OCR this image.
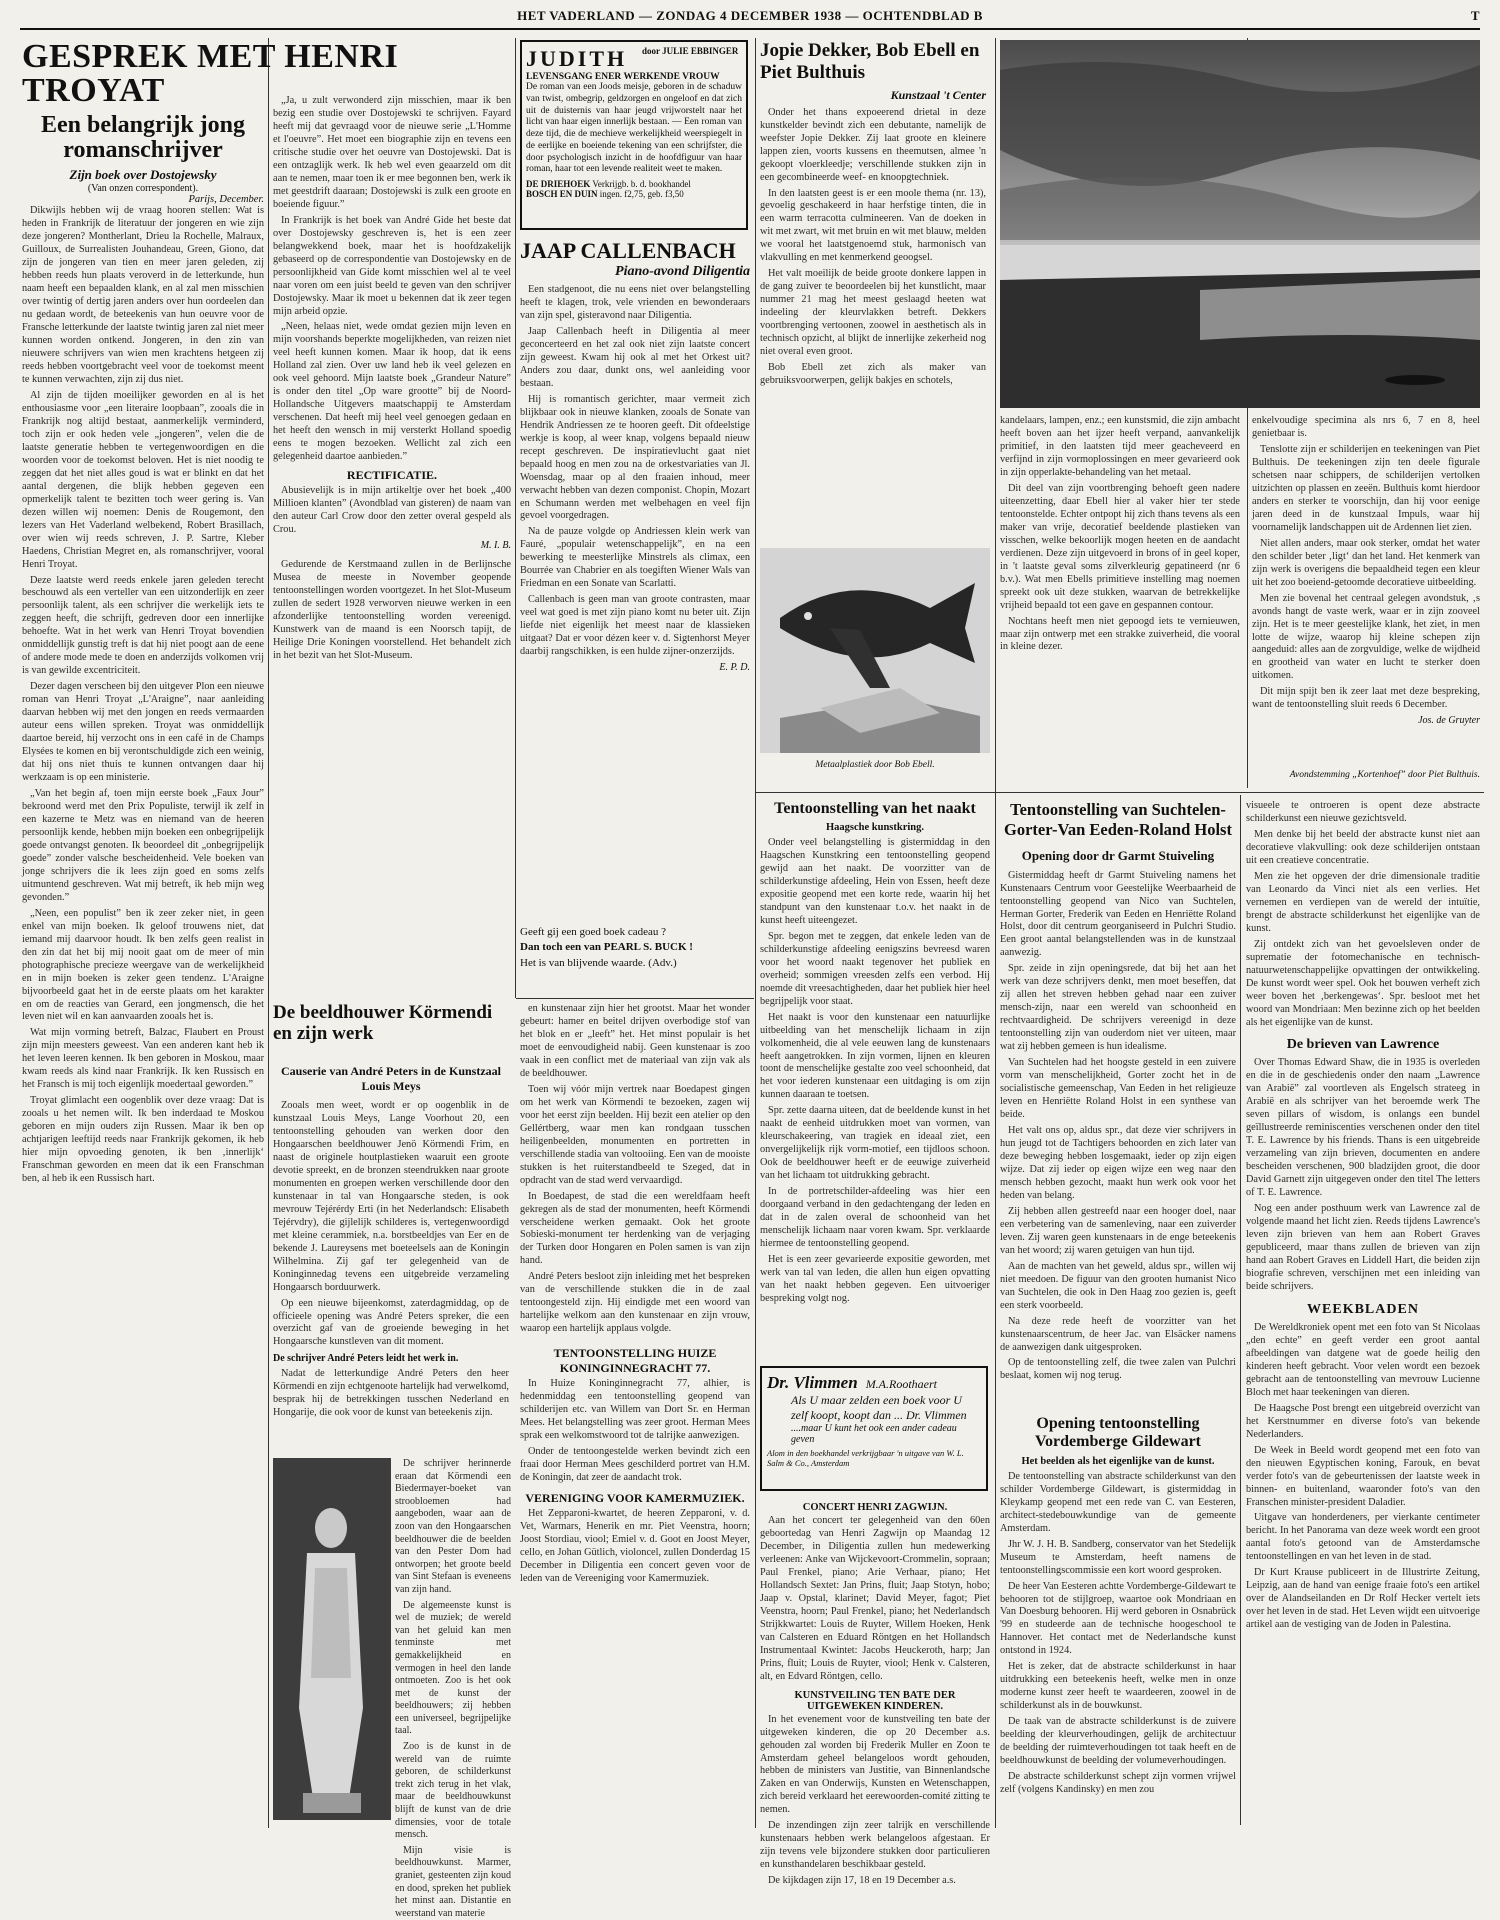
HET VADERLAND — ZONDAG 4 DECEMBER 1938 — OCHTENDBLAD B	T
GESPREK MET HENRI TROYAT
Een belangrijk jong romanschrijver
Zijn boek over Dostojewsky
(Van onzen correspondent).
Parijs, December.

Dikwijls hebben wij de vraag hooren stellen: Wat is heden in Frankrijk de literatuur der jongeren en wie zijn deze jongeren? Montherlant, Drieu la Rochelle, Malraux, Guilloux, de Surrealisten Jouhandeau, Green, Giono, dat zijn de jongeren van tien en meer jaren geleden, zij hebben reeds hun plaats veroverd in de letterkunde, hun naam heeft een bepaalden klank, en al zal men misschien over twintig of dertig jaren anders over hun oordeelen dan nu gedaan wordt, de beteekenis van hun oeuvre voor de Fransche letterkunde der laatste twintig jaren zal niet meer kunnen worden ontkend. Jongeren, in den zin van nieuwere schrijvers van wien men krachtens hetgeen zij reeds hebben voortgebracht veel voor de toekomst meent te kunnen verwachten, zijn zij dus niet.

Al zijn de tijden moeilijker geworden en al is het enthousiasme voor „een literaire loopbaan”, zooals die in Frankrijk nog altijd bestaat, aanmerkelijk verminderd, toch zijn er ook heden vele „jongeren”, velen die de laatste generatie hebben te vertegenwoordigen en die woorden voor de toekomst beloven. Het is niet noodig te zeggen dat het niet alles goud is wat er blinkt en dat het aantal dergenen, die blijk hebben gegeven een opmerkelijk talent te bezitten toch weer gering is. Van dezen willen wij noemen: Denis de Rougemont, den lezers van Het Vaderland welbekend, Robert Brasillach, over wien wij reeds schreven, J. P. Sartre, Kleber Haedens, Christian Megret en, als romanschrijver, vooral Henri Troyat.

Deze laatste werd reeds enkele jaren geleden terecht beschouwd als een verteller van een uitzonderlijk en zeer persoonlijk talent, als een schrijver die werkelijk iets te zeggen heeft, die schrijft, gedreven door een innerlijke behoefte. Wat in het werk van Henri Troyat bovendien onmiddellijk gunstig treft is dat hij niet poogt aan de eene of andere mode mede te doen en anderzijds volkomen vrij is van gewilde excentriciteit.

Dezer dagen verscheen bij den uitgever Plon een nieuwe roman van Henri Troyat „L'Araigne”, naar aanleiding daarvan hebben wij met den jongen en reeds vermaarden auteur eens willen spreken. Troyat was onmiddellijk daartoe bereid, hij verzocht ons in een café in de Champs Elysées te komen en bij verontschuldigde zich een weinig, dat hij ons niet thuis te kunnen ontvangen daar hij werkzaam is op een ministerie.

„Van het begin af, toen mijn eerste boek „Faux Jour” bekroond werd met den Prix Populiste, terwijl ik zelf in een kazerne te Metz was en niemand van de heeren persoonlijk kende, hebben mijn boeken een onbegrijpelijk goede ontvangst genoten. Ik beoordeel dit „onbegrijpelijk goede” zonder valsche bescheidenheid. Vele boeken van jonge schrijvers die ik lees zijn goed en soms zelfs uitmuntend geschreven. Wat mij betreft, ik heb mijn weg gevonden.”

„Neen, een populist” ben ik zeer zeker niet, in geen enkel van mijn boeken. Ik geloof trouwens niet, dat iemand mij daarvoor houdt. Ik ben zelfs geen realist in den zin dat het bij mij nooit gaat om de meer of min photographische precieze weergave van de werkelijkheid en in mijn boeken is zeker geen tendenz. L'Araigne bijvoorbeeld gaat het in de eerste plaats om het karakter en om de reacties van Gerard, een jongmensch, die het leven niet wil en kan aanvaarden zooals het is.

Wat mijn vorming betreft, Balzac, Flaubert en Proust zijn mijn meesters geweest. Van een anderen kant heb ik het leven leeren kennen. Ik ben geboren in Moskou, maar kwam reeds als kind naar Frankrijk. Ik ken Russisch en het Fransch is mij toch eigenlijk moedertaal geworden.”

Troyat glimlacht een oogenblik over deze vraag: Dat is zooals u het nemen wilt. Ik ben inderdaad te Moskou geboren en mijn ouders zijn Russen. Maar ik ben op achtjarigen leeftijd reeds naar Frankrijk gekomen, ik heb hier mijn opvoeding genoten, ik ben ‚innerlijk‘ Franschman geworden en meen dat ik een Franschman ben, al heb ik een Russisch hart.

„Ja, u zult verwonderd zijn misschien, maar ik ben bezig een studie over Dostojewski te schrijven. Fayard heeft mij dat gevraagd voor de nieuwe serie „L'Homme et l'oeuvre”. Het moet een biographie zijn en tevens een critische studie over het oeuvre van Dostojewski. Dat is een ontzaglijk werk. Ik heb wel even geaarzeld om dit aan te nemen, maar toen ik er mee begonnen ben, werk ik met geestdrift daaraan; Dostojewski is zulk een groote en boeiende figuur.”

In Frankrijk is het boek van André Gide het beste dat over Dostojewsky geschreven is, het is een zeer belangwekkend boek, maar het is hoofdzakelijk gebaseerd op de correspondentie van Dostojewsky en de persoonlijkheid van Gide komt misschien wel al te veel naar voren om een juist beeld te geven van den schrijver Dostojewsky. Maar ik moet u bekennen dat ik zeer tegen mijn arbeid opzie.

„Neen, helaas niet, wede omdat gezien mijn leven en mijn voorshands beperkte mogelijkheden, van reizen niet veel heeft kunnen komen. Maar ik hoop, dat ik eens Holland zal zien. Over uw land heb ik veel gelezen en ook veel gehoord. Mijn laatste boek „Grandeur Nature” is onder den titel „Op ware grootte” bij de Noord-Hollandsche Uitgevers maatschappij te Amsterdam verschenen. Dat heeft mij heel veel genoegen gedaan en het heeft den wensch in mij versterkt Holland spoedig eens te mogen bezoeken. Wellicht zal zich een gelegenheid daartoe aanbieden.”

RECTIFICATIE.

Abusievelijk is in mijn artikeltje over het boek „400 Millioen klanten” (Avondblad van gisteren) de naam van den auteur Carl Crow door den zetter overal gespeld als Crou.

M. I. B.

Gedurende de Kerstmaand zullen in de Berlijnsche Musea de meeste in November geopende tentoonstellingen worden voortgezet. In het Slot-Museum zullen de sedert 1928 verworven nieuwe werken in een afzonderlijke tentoonstelling worden vereenigd. Kunstwerk van de maand is een Noorsch tapijt, de Heilige Drie Koningen voorstellend. Het behandelt zich in het bezit van het Slot-Museum.

JUDITH door JULIE EBBINGER
LEVENSGANG ENER WERKENDE VROUW

De roman van een Joods meisje, geboren in de schaduw van twist, ombegrip, geldzorgen en ongeloof en dat zich uit de duisternis van haar jeugd vrijworstelt naar het licht van haar eigen innerlijk bestaan. — Een roman van deze tijd, die de mechieve werkelijkheid weerspiegelt in de eerlijke en boeiende tekening van een schrijfster, die door psychologisch inzicht in de hoofdfiguur van haar roman, haar tot een levende realiteit weet te maken.

DE DRIEHOEK Verkrijgb. b. d. bookhandel
BOSCH EN DUIN ingen. f2,75, geb. f3,50
JAAP CALLENBACH
Piano-avond Diligentia

Een stadgenoot, die nu eens niet over belangstelling heeft te klagen, trok, vele vrienden en bewonderaars van zijn spel, gisteravond naar Diligentia.

Jaap Callenbach heeft in Diligentia al meer geconcerteerd en het zal ook niet zijn laatste concert zijn geweest. Kwam hij ook al met het Orkest uit? Anders zou daar, dunkt ons, wel aanleiding voor bestaan.

Hij is romantisch gerichter, maar vermeit zich blijkbaar ook in nieuwe klanken, zooals de Sonate van Hendrik Andriessen ze te hooren geeft. Dit ofdeelstige werkje is koop, al weer knap, volgens bepaald nieuw recept geschreven. De inspiratievlucht gaat niet bepaald hoog en men zou na de orkestvariaties van Jl. Woensdag, maar op al den fraaien inhoud, meer verwacht hebben van dezen componist. Chopin, Mozart en Schumann werden met welbehagen en veel fijn gevoel voorgedragen.

Na de pauze volgde op Andriessen klein werk van Fauré, „populair wetenschappelijk”, en na een bewerking te meesterlijke Minstrels als climax, een Bourrée van Chabrier en als toegiften Wiener Wals van Friedman en een Sonate van Scarlatti.

Callenbach is geen man van groote contrasten, maar veel wat goed is met zijn piano komt nu beter uit. Zijn liefde niet eigenlijk het meest naar de klassieken uitgaat? Dat er voor dézen keer v. d. Sigtenhorst Meyer daarbij rangschikken, is een hulde zijner-onzerzijds.

E. P. D.

Geeft gij een goed boek cadeau ?
Dan toch een van PEARL S. BUCK !
Het is van blijvende waarde. (Adv.)
De beeldhouwer Körmendi en zijn werk
Causerie van André Peters in de Kunstzaal Louis Meys

Zooals men weet, wordt er op oogenblik in de kunstzaal Louis Meys, Lange Voorhout 20, een tentoonstelling gehouden van werken door den Hongaarschen beeldhouwer Jenö Körmendi Frim, en naast de originele houtplastieken waaruit een groote devotie spreekt, en de bronzen steendrukken naar groote monumenten en groepen werken verschillende door den kunstenaar in tal van Hongaarsche steden, is ook mevrouw Tejérérdy Erti (in het Nederlandsch: Elisabeth Tejérvdry), die gijlelijk schilderes is, vertegenwoordigd met kleine cerammiek, n.a. borstbeeldjes van Eer en de bekende J. Laureysens met boeteelsels aan de Koningin Wilhelmina. Zij gaf ter gelegenheid van de Koninginnedag tevens een uitgebreide verzameling Hongaarsch borduurwerk.

Op een nieuwe bijeenkomst, zaterdagmiddag, op de officieele opening was André Peters spreker, die een overzicht gaf van de groeiende beweging in het Hongaarsche kunstleven van dit moment.

De schrijver André Peters leidt het werk in.

Nadat de letterkundige André Peters den heer Körmendi en zijn echtgenoote hartelijk had verwelkomd, besprak hij de betrekkingen tusschen Nederland en Hongarije, die ook voor de kunst van beteekenis zijn.

De schrijver herinnerde eraan dat Körmendi een Biedermayer-boeket van stroobloemen had aangeboden, waar aan de zoon van den Hongaarschen beeldhouwer die de beelden van den Pester Dom had ontworpen; het groote beeld van Sint Stefaan is eveneens van zijn hand.

De algemeenste kunst is wel de muziek; de wereld van het geluid kan men tenminste met gemakkelijkheid en vermogen in heel den lande ontmoeten. Zoo is het ook met de kunst der beeldhouwers; zij hebben een universeel, begrijpelijke taal.

Zoo is de kunst in de wereld van de ruimte geboren, de schilderkunst trekt zich terug in het vlak, maar de beeldhouwkunst blijft de kunst van de drie dimensies, voor de totale mensch.

Mijn visie is beeldhouwkunst. Marmer, graniet, gesteenten zijn koud en dood, spreken het publiek het minst aan. Distantie en weerstand van materie

en kunstenaar zijn hier het grootst. Maar het wonder gebeurt: hamer en beitel drijven overbodige stof van het blok en er „leeft” het. Het minst populair is het moet de eenvoudigheid nabij. Geen kunstenaar is zoo vaak in een conflict met de materiaal van zijn vak als de beeldhouwer.

Toen wij vóór mijn vertrek naar Boedapest gingen om het werk van Körmendi te bezoeken, zagen wij voor het eerst zijn beelden. Hij bezit een atelier op den Gellértberg, waar men kan rondgaan tusschen heiligenbeelden, monumenten en portretten in verschillende stadia van voltooiing. Een van de mooiste stukken is het ruiterstandbeeld te Szeged, dat in opdracht van de stad werd vervaardigd.

In Boedapest, de stad die een wereldfaam heeft gekregen als de stad der monumenten, heeft Körmendi verscheidene werken gemaakt. Ook het groote Sobieski-monument ter herdenking van de verjaging der Turken door Hongaren en Polen samen is van zijn hand.

André Peters besloot zijn inleiding met het bespreken van de verschillende stukken die in de zaal tentoongesteld zijn. Hij eindigde met een woord van hartelijke welkom aan den kunstenaar en zijn vrouw, waarop een hartelijk applaus volgde.

TENTOONSTELLING HUIZE KONINGINNEGRACHT 77.

In Huize Koninginnegracht 77, alhier, is hedenmiddag een tentoonstelling geopend van schilderijen etc. van Willem van Dort Sr. en Herman Mees. Het belangstelling was zeer groot. Herman Mees sprak een welkomstwoord tot de talrijke aanwezigen.

Onder de tentoongestelde werken bevindt zich een fraai door Herman Mees geschilderd portret van H.M. de Koningin, dat zeer de aandacht trok.

VERENIGING VOOR KAMERMUZIEK.

Het Zepparoni-kwartet, de heeren Zepparoni, v. d. Vet, Warmars, Henerik en mr. Piet Veenstra, hoorn; Joost Stordiau, viool; Emiel v. d. Goot en Joost Meyer, cello, en Johan Gütlich, violoncel, zullen Donderdag 15 December in Diligentia een concert geven voor de leden van de Vereeniging voor Kamermuziek.

Jopie Dekker, Bob Ebell en Piet Bulthuis
Kunstzaal 't Center

Onder het thans expoeerend drietal in deze kunstkelder bevindt zich een debutante, namelijk de weefster Jopie Dekker. Zij laat groote en kleinere lappen zien, voorts kussens en theemutsen, almee 'n gekoopt vloerkleedje; verschillende stukken zijn in een gecombineerde weef- en knoopgtechniek.

In den laatsten geest is er een moole thema (nr. 13), gevoelig geschakeerd in haar herfstige tinten, die in een warm terracotta culmineeren. Van de doeken in wit met zwart, wit met bruin en wit met blauw, melden we vooral het laatstgenoemd stuk, harmonisch van vlakvulling en met kenmerkend geoogsel.

Het valt moeilijk de beide groote donkere lappen in de gang zuiver te beoordeelen bij het kunstlicht, maar nummer 21 mag het meest geslaagd heeten wat indeeling der kleurvlakken betreft. Dekkers voortbrenging vertoonen, zoowel in aesthetisch als in technisch opzicht, al blijkt de innerlijke zekerheid nog niet overal even groot.

Bob Ebell zet zich als maker van gebruiksvoorwerpen, gelijk bakjes en schotels,

Avondstemming „Kortenhoef” door Piet Bulthuis.
Metaalplastiek door Bob Ebell.

kandelaars, lampen, enz.; een kunstsmid, die zijn ambacht heeft boven aan het ijzer heeft verpand, aanvankelijk primitief, in den laatsten tijd meer geacheveerd en verfijnd in zijn vormoplossingen en meer gevarieerd ook in zijn opperlakte-behandeling van het metaal.

Dit deel van zijn voortbrenging behoeft geen nadere uiteenzetting, daar Ebell hier al vaker hier ter stede tentoonstelde. Echter ontpopt hij zich thans tevens als een maker van vrije, decoratief beeldende plastieken van visschen, welke bekoorlijk mogen heeten en de aandacht verdienen. Deze zijn uitgevoerd in brons of in geel koper, in 't laatste geval soms zilverkleurig gepatineerd (nr 6 b.v.). Wat men Ebells primitieve instelling mag noemen spreekt ook uit deze stukken, waarvan de betrekkelijke vrijheid bepaald tot een gave en gespannen contour.

Nochtans heeft men niet gepoogd iets te vernieuwen, maar zijn ontwerp met een strakke zuiverheid, die vooral in kleine dezer.

enkelvoudige specimina als nrs 6, 7 en 8, heel genietbaar is.

Tenslotte zijn er schilderijen en teekeningen van Piet Bulthuis. De teekeningen zijn ten deele figurale schetsen naar schippers, de schilderijen vertolken uitzichten op plassen en zeeën. Bulthuis komt hierdoor anders en sterker te voorschijn, dan hij voor eenige jaren deed in de kunstzaal Impuls, waar hij voornamelijk landschappen uit de Ardennen liet zien.

Niet allen anders, maar ook sterker, omdat het water den schilder beter ‚ligt‘ dan het land. Het kenmerk van zijn werk is overigens die bepaaldheid tegen een kleur uit het zoo boeiend-getoomde decoratieve uitbeelding.

Men zie bovenal het centraal gelegen avondstuk, ‚s avonds hangt de vaste werk, waar er in zijn zooveel zijn. Het is te meer geestelijke klank, het ziet, in men lotte de wijze, waarop hij kleine schepen zijn aangeduid: alles aan de zorgvuldige, welke de wijdheid en grootheid van water en lucht te sterker doen uitkomen.

Dit mijn spijt ben ik zeer laat met deze bespreking, want de tentoonstelling sluit reeds 6 December.

Jos. de Gruyter

Tentoonstelling van het naakt
Haagsche kunstkring.

Onder veel belangstelling is gistermiddag in den Haagschen Kunstkring een tentoonstelling geopend gewijd aan het naakt. De voorzitter van de schilderkunstige afdeeling, Hein von Essen, heeft deze expositie geopend met een korte rede, waarin hij het standpunt van den kunstenaar t.o.v. het naakt in de kunst heeft uiteengezet.

Spr. begon met te zeggen, dat enkele leden van de schilderkunstige afdeeling eenigszins bevreesd waren voor het woord naakt tegenover het publiek en overheid; sommigen vreesden zelfs een verbod. Hij noemde dit vreesachtigheden, daar het publiek hier heel begrijpelijk voor staat.

Het naakt is voor den kunstenaar een natuurlijke uitbeelding van het menschelijk lichaam in zijn volkomenheid, die al vele eeuwen lang de kunstenaars heeft aangetrokken. In zijn vormen, lijnen en kleuren toont de menschelijke gestalte zoo veel schoonheid, dat het voor iederen kunstenaar een uitdaging is om zijn kunnen daaraan te toetsen.

Spr. zette daarna uiteen, dat de beeldende kunst in het naakt de eenheid uitdrukken moet van vormen, van kleurschakeering, van tragiek en ideaal ziet, een onvergelijkelijk rijk vorm-motief, een tijdloos schoon. Ook de beeldhouwer heeft er de eeuwige zuiverheid van het lichaam tot uitdrukking gebracht.

In de portretschilder-afdeeling was hier een doorgaand verband in den gedachtengang der leden en dat in de zalen overal de schoonheid van het menschelijk lichaam naar voren kwam. Spr. verklaarde hiermee de tentoonstelling geopend.

Het is een zeer gevarieerde expositie geworden, met werk van tal van leden, die allen hun eigen opvatting van het naakt hebben gegeven. Een uitvoeriger bespreking volgt nog.

Dr. Vlimmen M.A.Roothaert
Als U maar zelden een boek voor U zelf koopt, koopt dan ... Dr. Vlimmen
....maar U kunt het ook een ander cadeau geven
Alom in den boekhandel verkrijgbaar 'n uitgave van W. L. Salm & Co., Amsterdam
CONCERT HENRI ZAGWIJN.

Aan het concert ter gelegenheid van den 60en geboortedag van Henri Zagwijn op Maandag 12 December, in Diligentia zullen hun medewerking verleenen: Anke van Wijckevoort-Crommelin, sopraan; Paul Frenkel, piano; Arie Verhaar, piano; Het Hollandsch Sextet: Jan Prins, fluit; Jaap Stotyn, hobo; Jaap v. Opstal, klarinet; David Meyer, fagot; Piet Veenstra, hoorn; Paul Frenkel, piano; het Nederlandsch Strijkkwartet: Louis de Ruyter, Willem Hoeken, Henk van Calsteren en Eduard Röntgen en het Hollandsch Instrumentaal Kwintet: Jacobs Heuckeroth, harp; Jan Prins, fluit; Louis de Ruyter, viool; Henk v. Calsteren, alt, en Edvard Röntgen, cello.

KUNSTVEILING TEN BATE DER UITGEWEKEN KINDEREN.

In het evenement voor de kunstveiling ten bate der uitgeweken kinderen, die op 20 December a.s. gehouden zal worden bij Frederik Muller en Zoon te Amsterdam geheel belangeloos wordt gehouden, hebben de ministers van Justitie, van Binnenlandsche Zaken en van Onderwijs, Kunsten en Wetenschappen, zich bereid verklaard het eerewoorden-comité zitting te nemen.

De inzendingen zijn zeer talrijk en verschillende kunstenaars hebben werk belangeloos afgestaan. Er zijn tevens vele bijzondere stukken door particulieren en kunsthandelaren beschikbaar gesteld.

De kijkdagen zijn 17, 18 en 19 December a.s.

Tentoonstelling van Suchtelen-Gorter-Van Eeden-Roland Holst
Opening door dr Garmt Stuiveling

Gistermiddag heeft dr Garmt Stuiveling namens het Kunstenaars Centrum voor Geestelijke Weerbaarheid de tentoonstelling geopend van Nico van Suchtelen, Herman Gorter, Frederik van Eeden en Henriëtte Roland Holst, door dit centrum georganiseerd in Pulchri Studio. Een groot aantal belangstellenden was in de kunstzaal aanwezig.

Spr. zeide in zijn openingsrede, dat bij het aan het werk van deze schrijvers denkt, men moet beseffen, dat zij allen het streven hebben gehad naar een zuiver mensch-zijn, naar een wereld van schoonheid en rechtvaardigheid. De schrijvers vereenigd in deze tentoonstelling zijn van ouderdom niet ver uiteen, maar wat zij hebben gemeen is hun idealisme.

Van Suchtelen had het hoogste gesteld in een zuivere vorm van menschelijkheid, Gorter zocht het in de socialistische gemeenschap, Van Eeden in het religieuze leven en Henriëtte Roland Holst in een synthese van beide.

Het valt ons op, aldus spr., dat deze vier schrijvers in hun jeugd tot de Tachtigers behoorden en zich later van deze beweging hebben losgemaakt, ieder op zijn eigen wijze. Dat zij ieder op eigen wijze een weg naar den mensch hebben gezocht, maakt hun werk ook voor het heden van belang.

Zij hebben allen gestreefd naar een hooger doel, naar een verbetering van de samenleving, naar een zuiverder leven. Zij waren geen kunstenaars in de enge beteekenis van het woord; zij waren getuigen van hun tijd.

Aan de machten van het geweld, aldus spr., willen wij niet meedoen. De figuur van den grooten humanist Nico van Suchtelen, die ook in Den Haag zoo gezien is, geeft een sterk voorbeeld.

Na deze rede heeft de voorzitter van het kunstenaarscentrum, de heer Jac. van Elsäcker namens de aanwezigen dank uitgesproken.

Op de tentoonstelling zelf, die twee zalen van Pulchri beslaat, komen wij nog terug.

Opening tentoonstelling Vordemberge Gildewart
Het beelden als het eigenlijke van de kunst.

De tentoonstelling van abstracte schilderkunst van den schilder Vordemberge Gildewart, is gistermiddag in Kleykamp geopend met een rede van C. van Eesteren, architect-stedebouwkundige van de gemeente Amsterdam.

Jhr W. J. H. B. Sandberg, conservator van het Stedelijk Museum te Amsterdam, heeft namens de tentoonstellingscommissie een kort woord gesproken.

De heer Van Eesteren achtte Vordemberge-Gildewart te behooren tot de stijlgroep, waartoe ook Mondriaan en Van Doesburg behooren. Hij werd geboren in Osnabrück '99 en studeerde aan de technische hoogeschool te Hannover. Het contact met de Nederlandsche kunst ontstond in 1924.

Het is zeker, dat de abstracte schilderkunst in haar uitdrukking een beteekenis heeft, welke men in onze moderne kunst zeer heeft te waardeeren, zoowel in de schilderkunst als in de bouwkunst.

De taak van de abstracte schilderkunst is de zuivere beelding der kleurverhoudingen, gelijk de architectuur de beelding der ruimteverhoudingen tot taak heeft en de beeldhouwkunst de beelding der volumeverhoudingen.

De abstracte schilderkunst schept zijn vormen vrijwel zelf (volgens Kandinsky) en men zou

visueele te ontroeren is opent deze abstracte schilderkunst een nieuwe gezichtsveld.

Men denke bij het beeld der abstracte kunst niet aan decoratieve vlakvulling: ook deze schilderijen ontstaan uit een creatieve concentratie.

Men zie het opgeven der drie dimensionale traditie van Leonardo da Vinci niet als een verlies. Het vernemen en verdiepen van de wereld der intuïtie, brengt de abstracte schilderkunst het eigenlijke van de kunst.

Zij ontdekt zich van het gevoelsleven onder de suprematie der fotomechanische en technisch-natuurwetenschappelijke opvattingen der ontwikkeling. De kunst wordt weer spel. Ook het bouwen verheft zich weer boven het ‚berkengewas‘. Spr. besloot met het woord van Mondriaan: Men bezinne zich op het beelden als het eigenlijke van de kunst.

De brieven van Lawrence

Over Thomas Edward Shaw, die in 1935 is overleden en die in de geschiedenis onder den naam „Lawrence van Arabië” zal voortleven als Engelsch strateeg in Arabië en als schrijver van het beroemde werk The seven pillars of wisdom, is onlangs een bundel geïllustreerde reminiscenties verschenen onder den titel T. E. Lawrence by his friends. Thans is een uitgebreide verzameling van zijn brieven, documenten en andere bescheiden verschenen, 900 bladzijden groot, die door David Garnett zijn uitgegeven onder den titel The letters of T. E. Lawrence.

Nog een ander posthuum werk van Lawrence zal de volgende maand het licht zien. Reeds tijdens Lawrence's leven zijn brieven van hem aan Robert Graves gepubliceerd, maar thans zullen de brieven van zijn hand aan Robert Graves en Liddell Hart, die beiden zijn biografie schreven, verschijnen met een inleiding van beide schrijvers.

WEEKBLADEN

De Wereldkroniek opent met een foto van St Nicolaas „den echte” en geeft verder een groot aantal afbeeldingen van datgene wat de goede heilig den kinderen heeft gebracht. Voor velen wordt een bezoek gebracht aan de tentoonstelling van mevrouw Lucienne Bloch met haar teekeningen van dieren.

De Haagsche Post brengt een uitgebreid overzicht van het Kerstnummer en diverse foto's van bekende Nederlanders.

De Week in Beeld wordt geopend met een foto van den nieuwen Egyptischen koning, Farouk, en bevat verder foto's van de gebeurtenissen der laatste week in binnen- en buitenland, waaronder foto's van den Franschen minister-president Daladier.

Uitgave van honderdeners, per vierkante centimeter bericht. In het Panorama van deze week wordt een groot aantal foto's getoond van de Amsterdamsche tentoonstellingen en van het leven in de stad.

Dr Kurt Krause publiceert in de Illustrirte Zeitung, Leipzig, aan de hand van eenige fraaie foto's een artikel over de Alandseilanden en Dr Rolf Hecker vertelt iets over het leven in de stad. Het Leven wijdt een uitvoerige artikel aan de vestiging van de Joden in Palestina.
